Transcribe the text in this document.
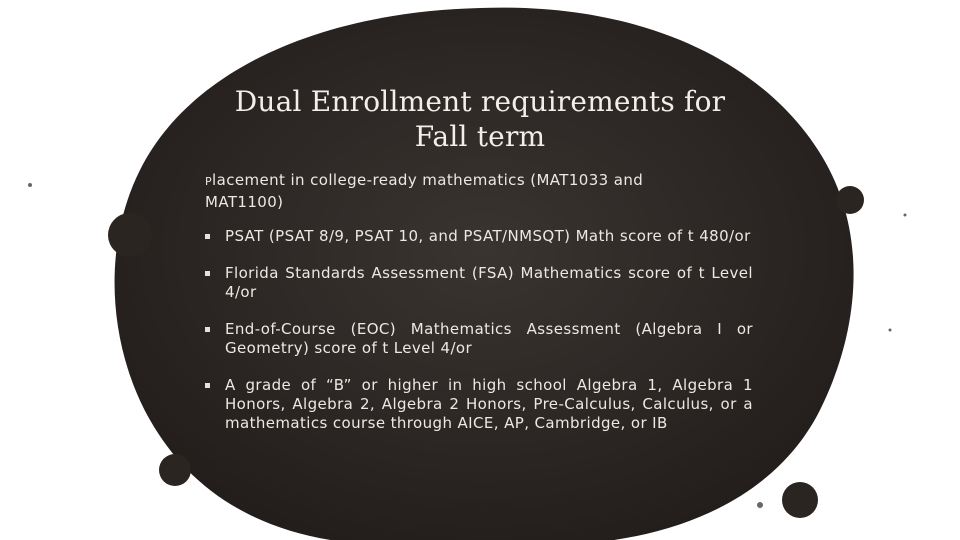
Dual Enrollment requirements for
Fall term
Placement in college-ready mathematics (MAT1033 and MAT1100)
PSAT (PSAT 8/9, PSAT 10, and PSAT/NMSQT) Math score of t 480/or
Florida Standards Assessment (FSA) Mathematics score of t Level 4/or
End-of-Course (EOC) Mathematics Assessment (Algebra I or Geometry) score of t Level 4/or
A grade of “B” or higher in high school Algebra 1, Algebra 1 Honors, Algebra 2, Algebra 2 Honors, Pre-Calculus, Calculus, or a mathematics course through AICE, AP, Cambridge, or IB
